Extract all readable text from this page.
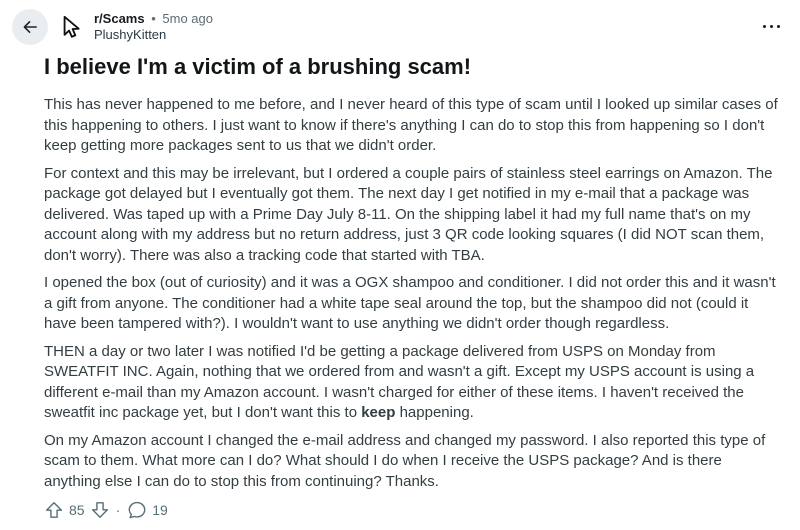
r/Scams • 5mo ago
PlushyKitten
I believe I'm a victim of a brushing scam!

This has never happened to me before, and I never heard of this type of scam until I looked up similar cases of this happening to others. I just want to know if there's anything I can do to stop this from happening so I don't keep getting more packages sent to us that we didn't order.

For context and this may be irrelevant, but I ordered a couple pairs of stainless steel earrings on Amazon. The package got delayed but I eventually got them. The next day I get notified in my e-mail that a package was delivered. Was taped up with a Prime Day July 8-11. On the shipping label it had my full name that's on my account along with my address but no return address, just 3 QR code looking squares (I did NOT scan them, don't worry). There was also a tracking code that started with TBA.

I opened the box (out of curiosity) and it was a OGX shampoo and conditioner. I did not order this and it wasn't a gift from anyone. The conditioner had a white tape seal around the top, but the shampoo did not (could it have been tampered with?). I wouldn't want to use anything we didn't order though regardless.

THEN a day or two later I was notified I'd be getting a package delivered from USPS on Monday from SWEATFIT INC. Again, nothing that we ordered from and wasn't a gift. Except my USPS account is using a different e-mail than my Amazon account. I wasn't charged for either of these items. I haven't received the sweatfit inc package yet, but I don't want this to keep happening.

On my Amazon account I changed the e-mail address and changed my password. I also reported this type of scam to them. What more can I do? What should I do when I receive the USPS package? And is there anything else I can do to stop this from continuing? Thanks.

85 · 19
